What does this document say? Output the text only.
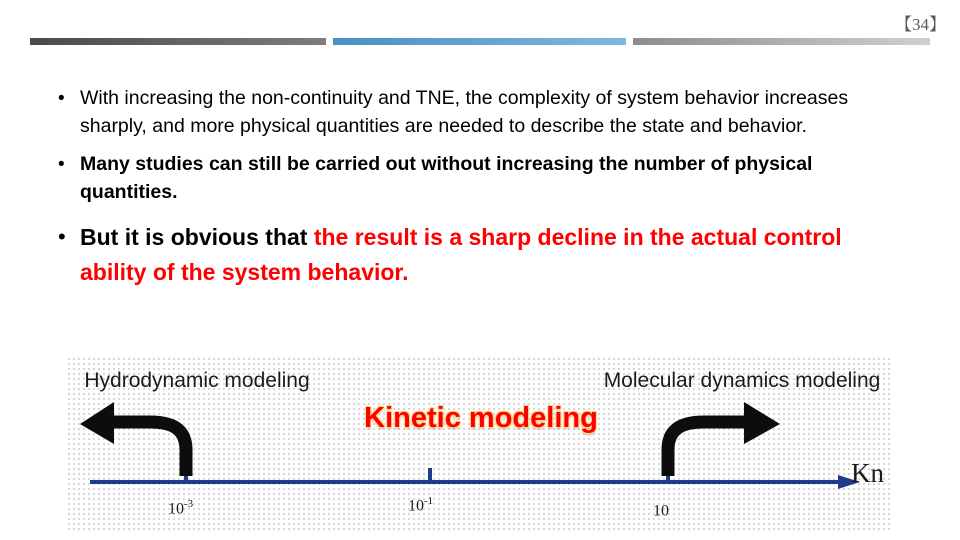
【34】
• With increasing the non-continuity and TNE, the complexity of system behavior increases sharply, and more physical quantities are needed to describe the state and behavior.
• Many studies can still be carried out without increasing the number of physical quantities.
• But it is obvious that the result is a sharp decline in the actual control ability of the system behavior.
Hydrodynamic modeling	Molecular dynamics modeling
Kinetic modeling
Kn
$10^{-3}$	$10^{-1}$
10
